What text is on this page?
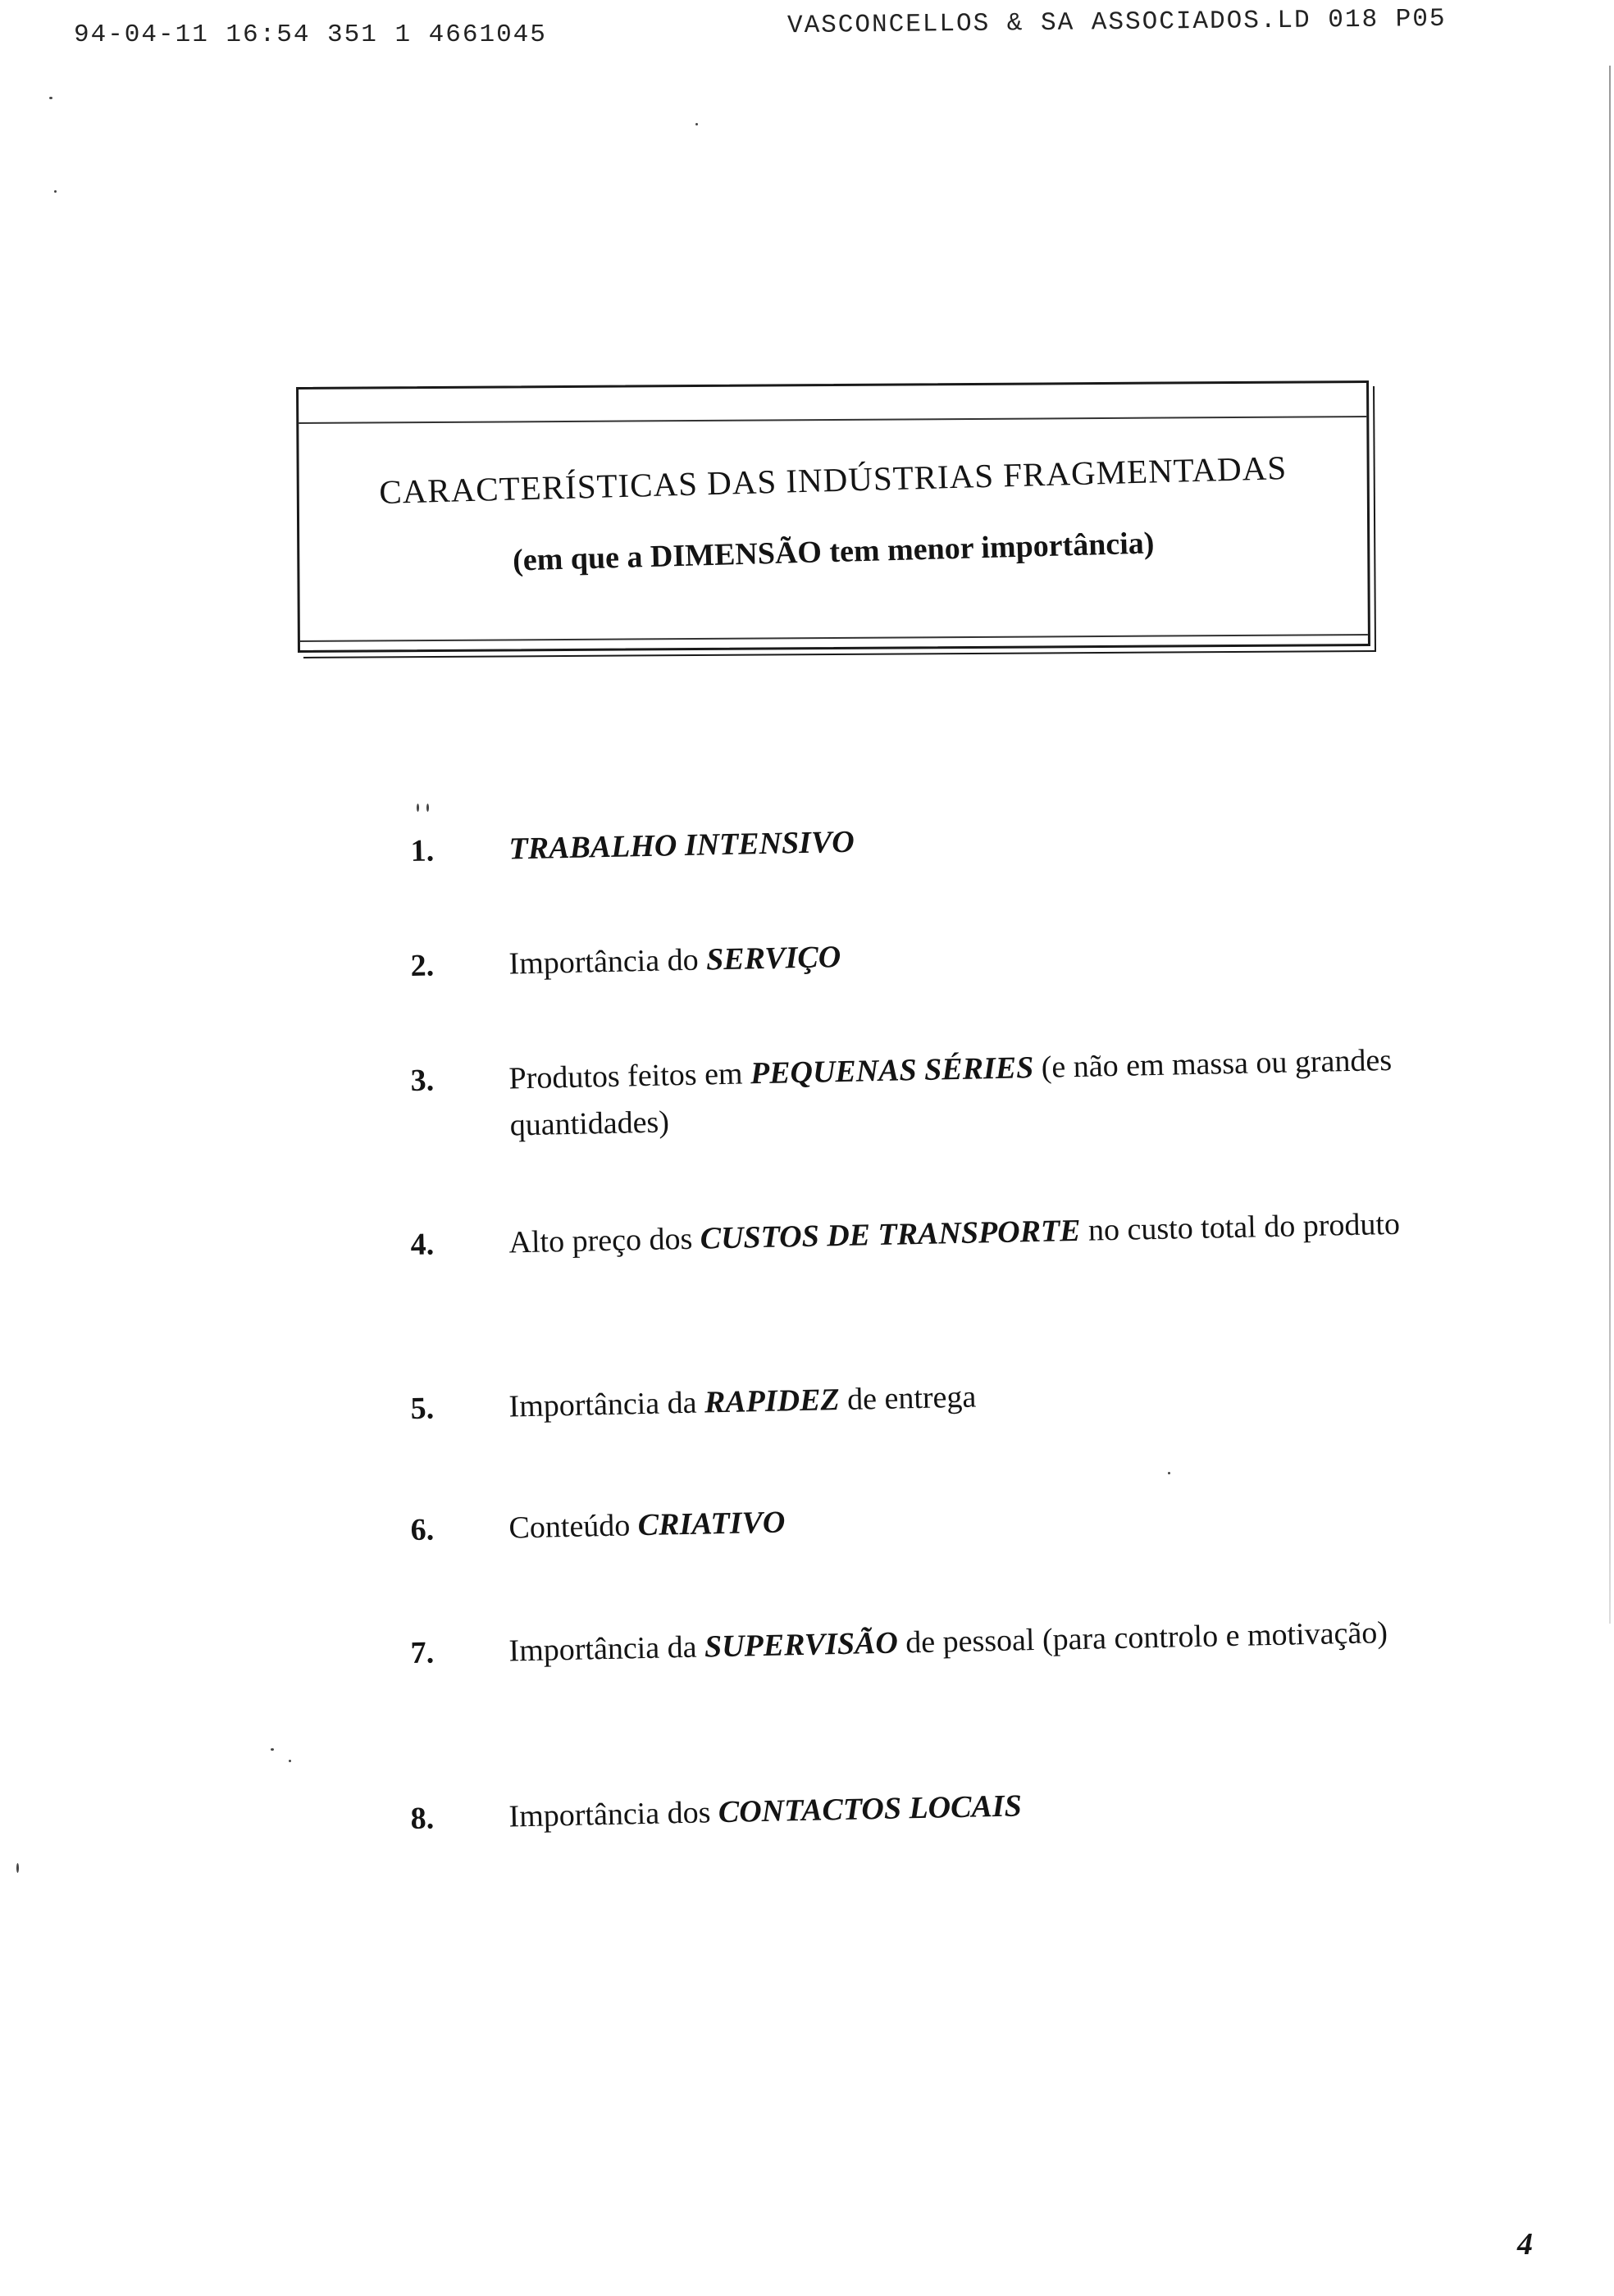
94-04-11 16:54 351 1 4661045	VASCONCELLOS & SA ASSOCIADOS.LD 018 P05
CARACTERÍSTICAS DAS INDÚSTRIAS FRAGMENTADAS
(em que a DIMENSÃO tem menor importância)
1.	TRABALHO INTENSIVO
2.	Importância do SERVIÇO
3.	Produtos feitos em PEQUENAS SÉRIES (e não em massa ou grandes quantidades)
4.	Alto preço dos CUSTOS DE TRANSPORTE no custo total do produto
5.	Importância da RAPIDEZ de entrega
6.	Conteúdo CRIATIVO
7.	Importância da SUPERVISÃO de pessoal (para controlo e motivação)
8.	Importância dos CONTACTOS LOCAIS
4
